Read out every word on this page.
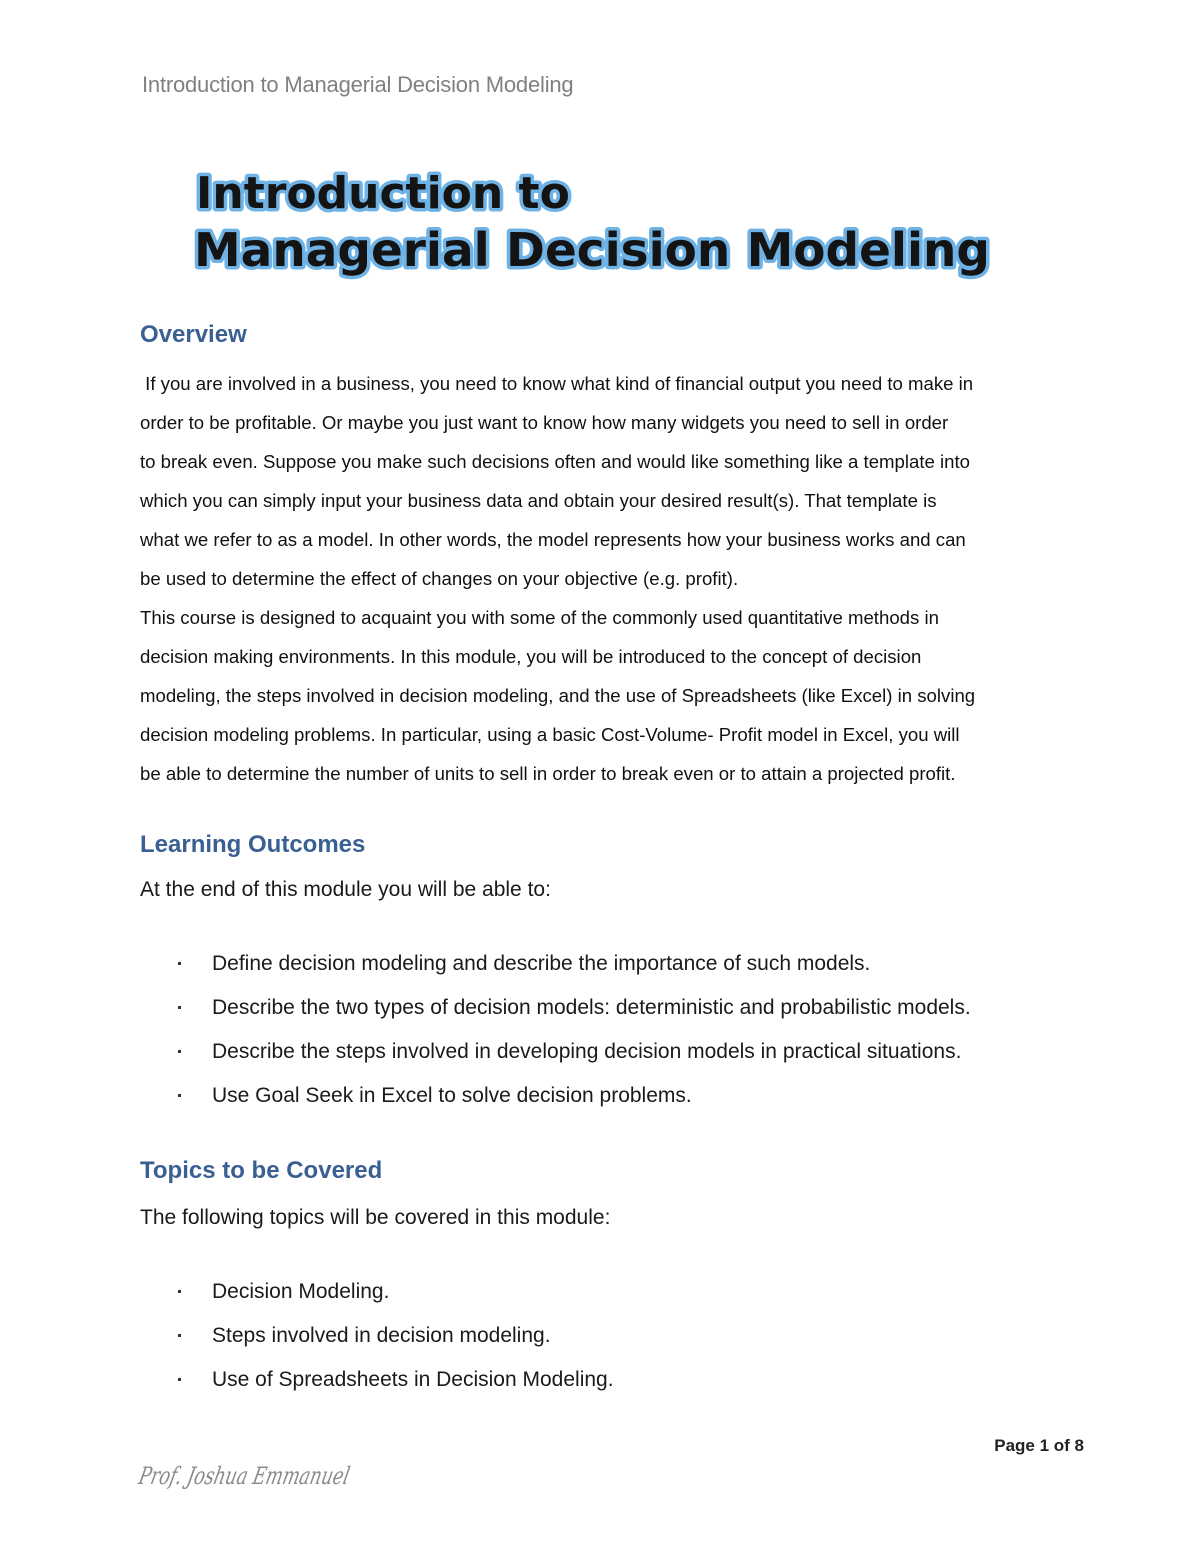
Introduction to Managerial Decision Modeling
Introduction to
Managerial Decision Modeling
Overview
If you are involved in a business, you need to know what kind of financial output you need to make in
order to be profitable. Or maybe you just want to know how many widgets you need to sell in order
to break even. Suppose you make such decisions often and would like something like a template into
which you can simply input your business data and obtain your desired result(s). That template is
what we refer to as a model. In other words, the model represents how your business works and can
be used to determine the effect of changes on your objective (e.g. profit).
This course is designed to acquaint you with some of the commonly used quantitative methods in
decision making environments. In this module, you will be introduced to the concept of decision
modeling, the steps involved in decision modeling, and the use of Spreadsheets (like Excel) in solving
decision modeling problems. In particular, using a basic Cost-Volume- Profit model in Excel, you will
be able to determine the number of units to sell in order to break even or to attain a projected profit.
Learning Outcomes
At the end of this module you will be able to:
Define decision modeling and describe the importance of such models.
Describe the two types of decision models: deterministic and probabilistic models.
Describe the steps involved in developing decision models in practical situations.
Use Goal Seek in Excel to solve decision problems.
Topics to be Covered
The following topics will be covered in this module:
Decision Modeling.
Steps involved in decision modeling.
Use of Spreadsheets in Decision Modeling.
Page 1 of 8
Prof. Joshua Emmanuel
